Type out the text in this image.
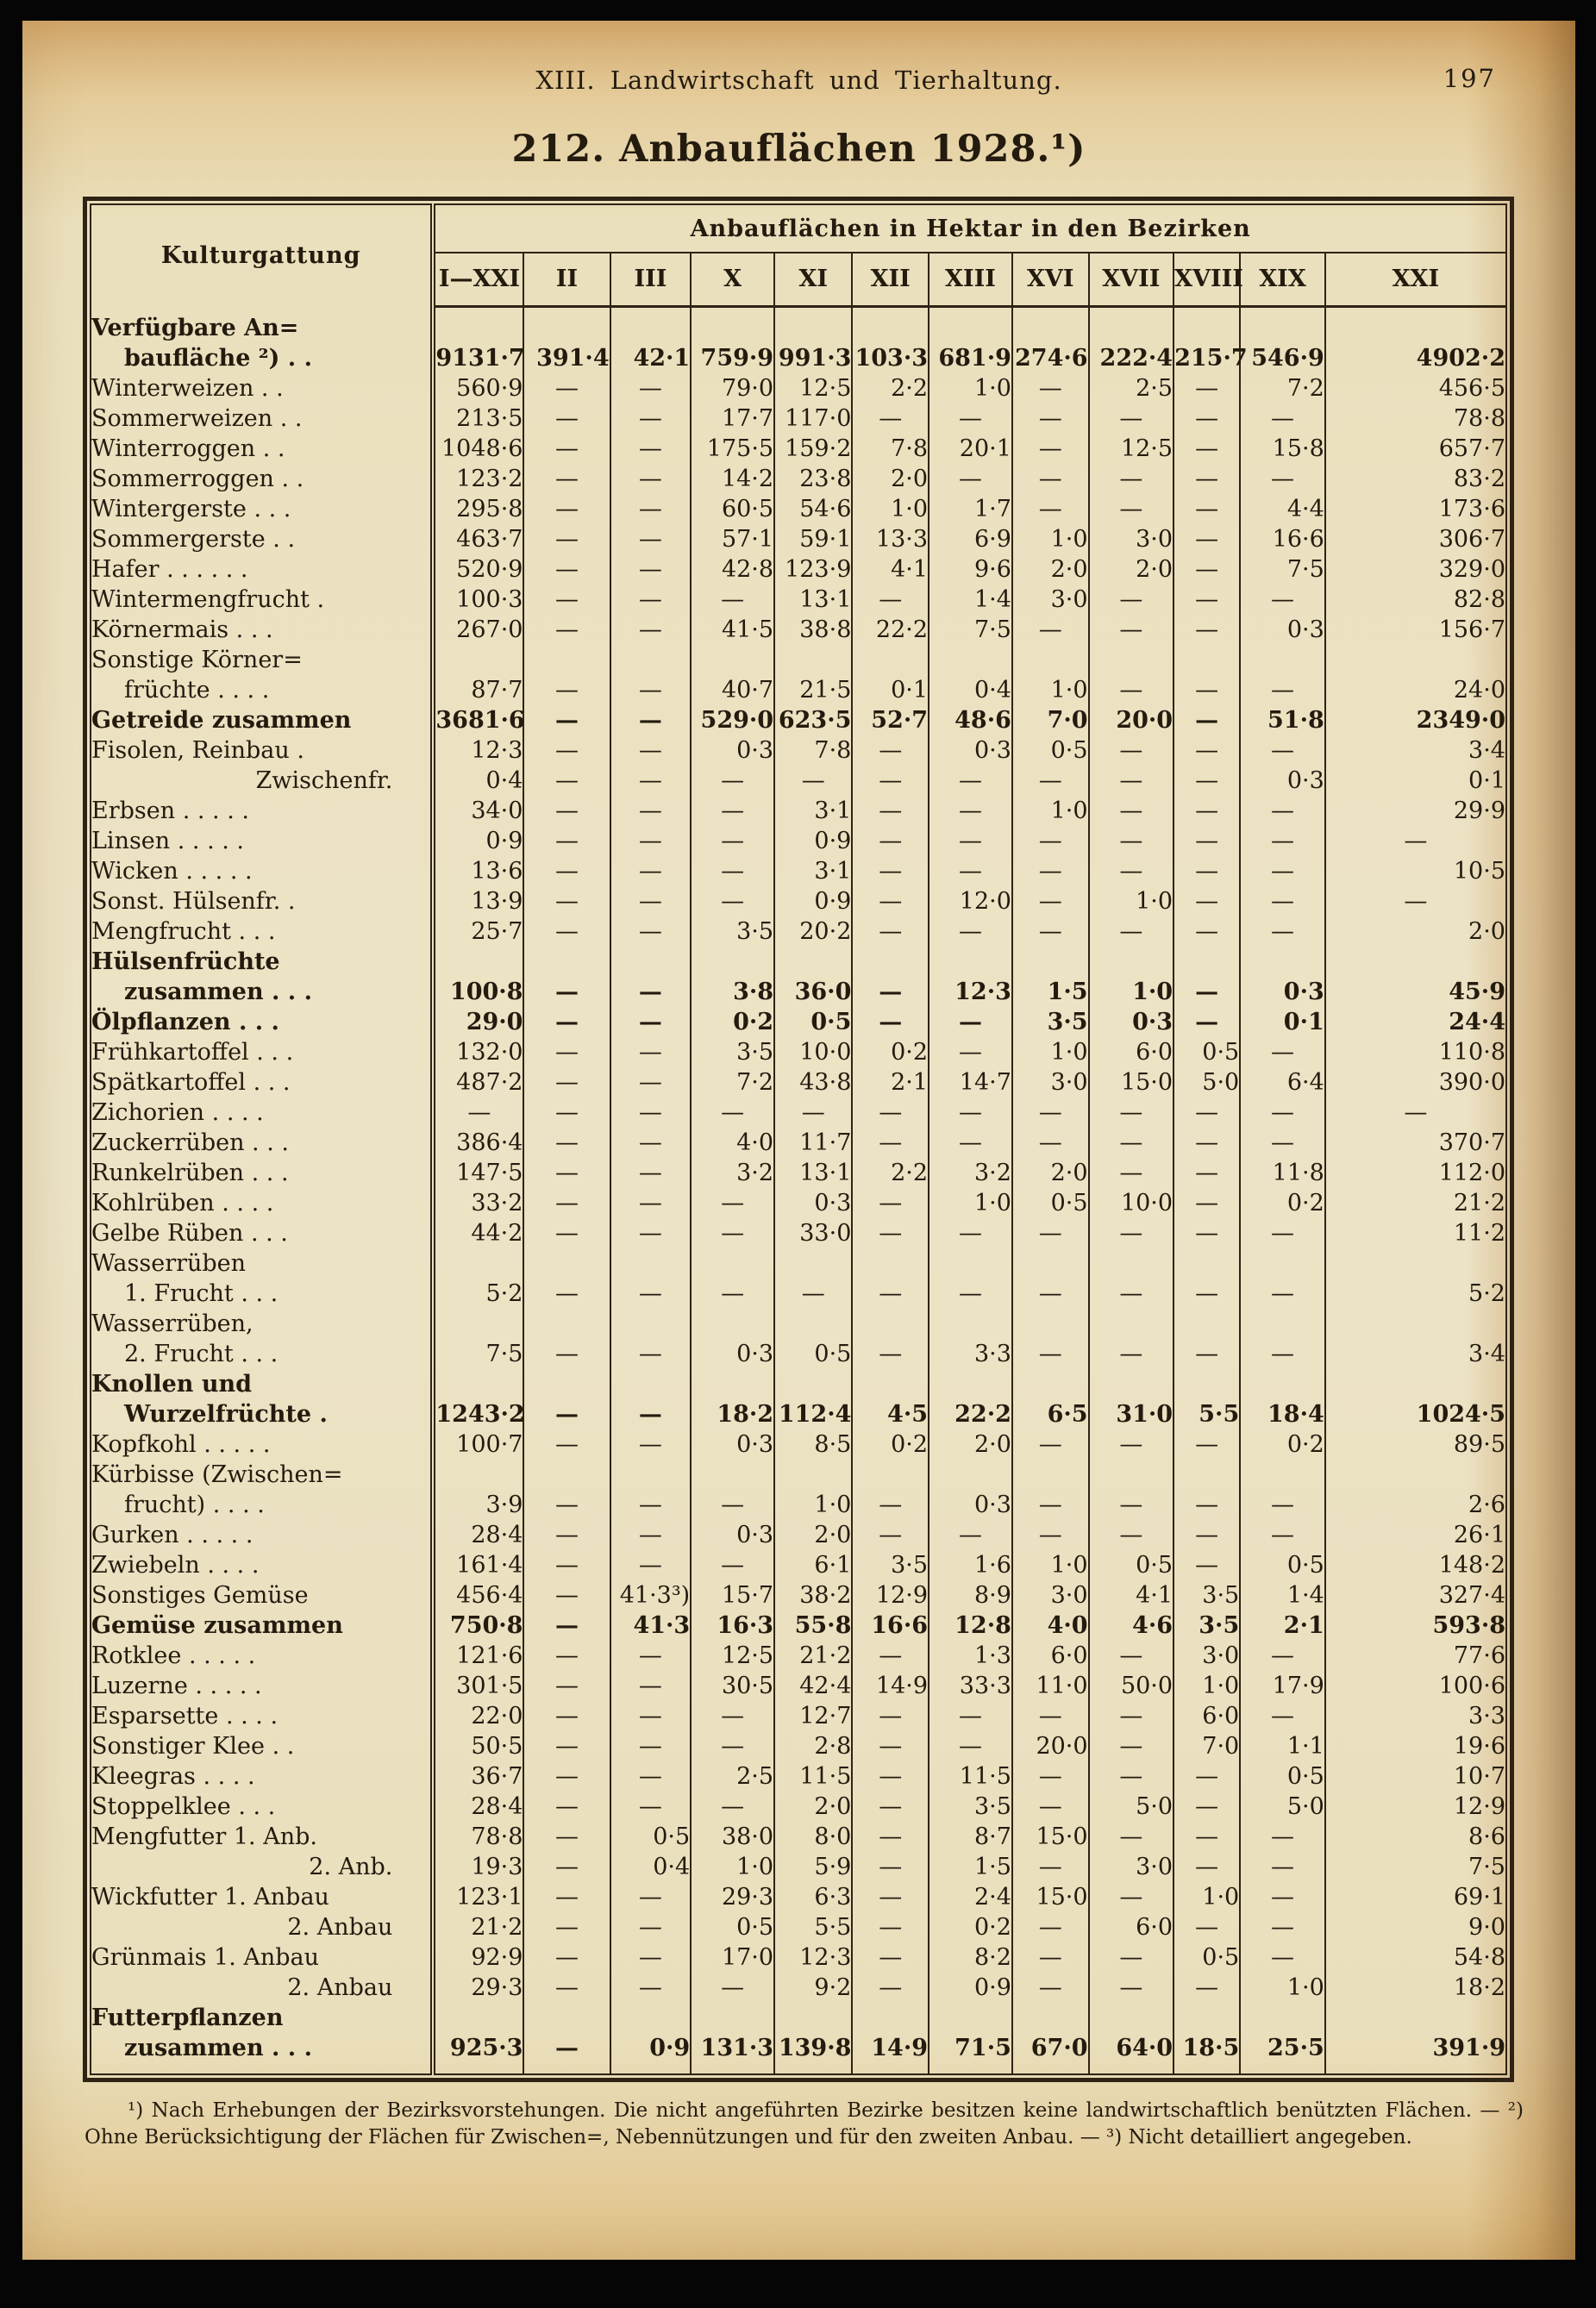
XIII. Landwirtschaft und Tierhaltung.	197
212. Anbauflächen 1928.¹)
Kulturgattung	Anbauflächen in Hektar in den Bezirken											
	I—XXI	II	III	X	XI	XII	XIII	XVI	XVII	XVIII	XIX	XXI

Verfügbare An=
baufläche ²) . .	9131·7	391·4	42·1	759·9	991·3	103·3	681·9	274·6	222·4	215·7	546·9	4902·2

Winterweizen . .	560·9	—	—	79·0	12·5	2·2	1·0	—	2·5	—	7·2	456·5

Sommerweizen . .	213·5	—	—	17·7	117·0	—	—	—	—	—	—	78·8

Winterroggen . .	1048·6	—	—	175·5	159·2	7·8	20·1	—	12·5	—	15·8	657·7

Sommerroggen . .	123·2	—	—	14·2	23·8	2·0	—	—	—	—	—	83·2

Wintergerste . . .	295·8	—	—	60·5	54·6	1·0	1·7	—	—	—	4·4	173·6

Sommergerste . .	463·7	—	—	57·1	59·1	13·3	6·9	1·0	3·0	—	16·6	306·7

Hafer . . . . . .	520·9	—	—	42·8	123·9	4·1	9·6	2·0	2·0	—	7·5	329·0

Wintermengfrucht .	100·3	—	—	—	13·1	—	1·4	3·0	—	—	—	82·8

Körnermais . . .	267·0	—	—	41·5	38·8	22·2	7·5	—	—	—	0·3	156·7

Sonstige Körner=
früchte . . . .	87·7	—	—	40·7	21·5	0·1	0·4	1·0	—	—	—	24·0

Getreide zusammen	3681·6	—	—	529·0	623·5	52·7	48·6	7·0	20·0	—	51·8	2349·0

Fisolen, Reinbau .	12·3	—	—	0·3	7·8	—	0·3	0·5	—	—	—	3·4

Zwischenfr.	0·4	—	—	—	—	—	—	—	—	—	0·3	0·1

Erbsen . . . . .	34·0	—	—	—	3·1	—	—	1·0	—	—	—	29·9

Linsen . . . . .	0·9	—	—	—	0·9	—	—	—	—	—	—	—

Wicken . . . . .	13·6	—	—	—	3·1	—	—	—	—	—	—	10·5

Sonst. Hülsenfr. .	13·9	—	—	—	0·9	—	12·0	—	1·0	—	—	—

Mengfrucht . . .	25·7	—	—	3·5	20·2	—	—	—	—	—	—	2·0

Hülsenfrüchte
zusammen . . .	100·8	—	—	3·8	36·0	—	12·3	1·5	1·0	—	0·3	45·9

Ölpflanzen . . .	29·0	—	—	0·2	0·5	—	—	3·5	0·3	—	0·1	24·4

Frühkartoffel . . .	132·0	—	—	3·5	10·0	0·2	—	1·0	6·0	0·5	—	110·8

Spätkartoffel . . .	487·2	—	—	7·2	43·8	2·1	14·7	3·0	15·0	5·0	6·4	390·0

Zichorien . . . .	—	—	—	—	—	—	—	—	—	—	—	—

Zuckerrüben . . .	386·4	—	—	4·0	11·7	—	—	—	—	—	—	370·7

Runkelrüben . . .	147·5	—	—	3·2	13·1	2·2	3·2	2·0	—	—	11·8	112·0

Kohlrüben . . . .	33·2	—	—	—	0·3	—	1·0	0·5	10·0	—	0·2	21·2

Gelbe Rüben . . .	44·2	—	—	—	33·0	—	—	—	—	—	—	11·2

Wasserrüben
1. Frucht . . .	5·2	—	—	—	—	—	—	—	—	—	—	5·2

Wasserrüben,
2. Frucht . . .	7·5	—	—	0·3	0·5	—	3·3	—	—	—	—	3·4

Knollen und
Wurzelfrüchte .	1243·2	—	—	18·2	112·4	4·5	22·2	6·5	31·0	5·5	18·4	1024·5

Kopfkohl . . . . .	100·7	—	—	0·3	8·5	0·2	2·0	—	—	—	0·2	89·5

Kürbisse (Zwischen=
frucht) . . . .	3·9	—	—	—	1·0	—	0·3	—	—	—	—	2·6

Gurken . . . . .	28·4	—	—	0·3	2·0	—	—	—	—	—	—	26·1

Zwiebeln . . . .	161·4	—	—	—	6·1	3·5	1·6	1·0	0·5	—	0·5	148·2

Sonstiges Gemüse	456·4	—	41·3³)	15·7	38·2	12·9	8·9	3·0	4·1	3·5	1·4	327·4

Gemüse zusammen	750·8	—	41·3	16·3	55·8	16·6	12·8	4·0	4·6	3·5	2·1	593·8

Rotklee . . . . .	121·6	—	—	12·5	21·2	—	1·3	6·0	—	3·0	—	77·6

Luzerne . . . . .	301·5	—	—	30·5	42·4	14·9	33·3	11·0	50·0	1·0	17·9	100·6

Esparsette . . . .	22·0	—	—	—	12·7	—	—	—	—	6·0	—	3·3

Sonstiger Klee . .	50·5	—	—	—	2·8	—	—	20·0	—	7·0	1·1	19·6

Kleegras . . . .	36·7	—	—	2·5	11·5	—	11·5	—	—	—	0·5	10·7

Stoppelklee . . .	28·4	—	—	—	2·0	—	3·5	—	5·0	—	5·0	12·9

Mengfutter 1. Anb.	78·8	—	0·5	38·0	8·0	—	8·7	15·0	—	—	—	8·6

2. Anb.	19·3	—	0·4	1·0	5·9	—	1·5	—	3·0	—	—	7·5

Wickfutter 1. Anbau	123·1	—	—	29·3	6·3	—	2·4	15·0	—	1·0	—	69·1

2. Anbau	21·2	—	—	0·5	5·5	—	0·2	—	6·0	—	—	9·0

Grünmais 1. Anbau	92·9	—	—	17·0	12·3	—	8·2	—	—	0·5	—	54·8

2. Anbau	29·3	—	—	—	9·2	—	0·9	—	—	—	1·0	18·2

Futterpflanzen
zusammen . . .	925·3	—	0·9	131·3	139·8	14·9	71·5	67·0	64·0	18·5	25·5	391·9
¹) Nach Erhebungen der Bezirksvorstehungen. Die nicht angeführten Bezirke besitzen keine landwirtschaftlich benützten Flächen. — ²) Ohne Berücksichtigung der Flächen für Zwischen=, Nebennützungen und für den zweiten Anbau. — ³) Nicht detailliert angegeben.
